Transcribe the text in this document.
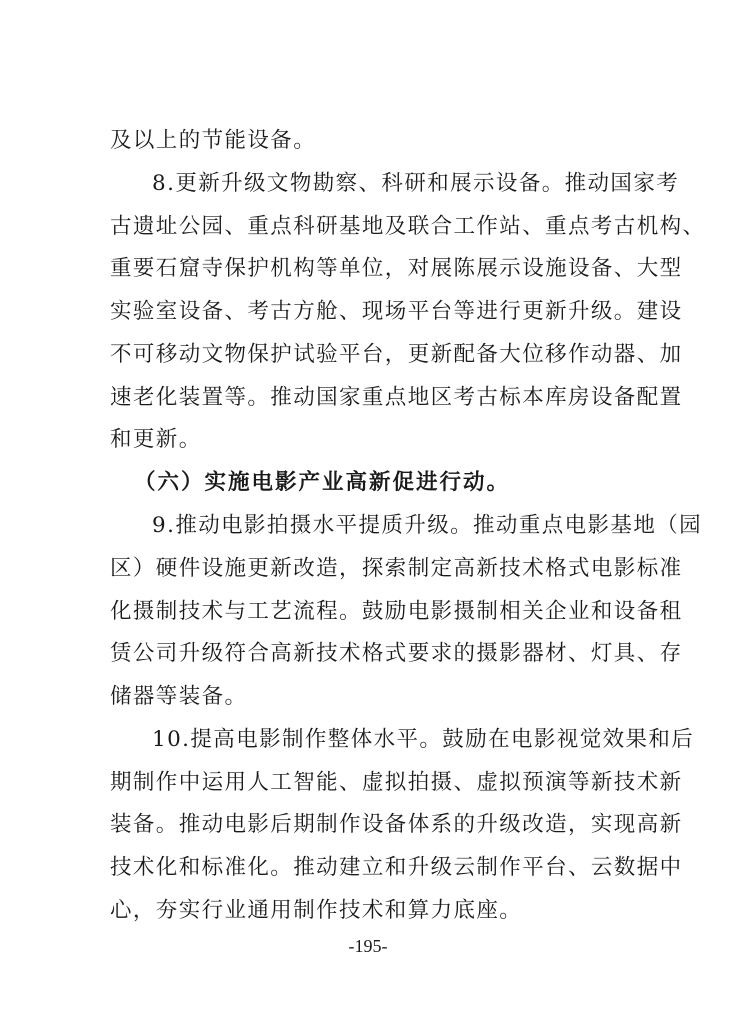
及以上的节能设备。
8.更新升级文物勘察、科研和展示设备。推动国家考
古遗址公园、重点科研基地及联合工作站、重点考古机构、
重要石窟寺保护机构等单位，对展陈展示设施设备、大型
实验室设备、考古方舱、现场平台等进行更新升级。建设
不可移动文物保护试验平台，更新配备大位移作动器、加
速老化装置等。推动国家重点地区考古标本库房设备配置
和更新。
（六）实施电影产业高新促进行动。
9.推动电影拍摄水平提质升级。推动重点电影基地（园
区）硬件设施更新改造，探索制定高新技术格式电影标准
化摄制技术与工艺流程。鼓励电影摄制相关企业和设备租
赁公司升级符合高新技术格式要求的摄影器材、灯具、存
储器等装备。
10.提高电影制作整体水平。鼓励在电影视觉效果和后
期制作中运用人工智能、虚拟拍摄、虚拟预演等新技术新
装备。推动电影后期制作设备体系的升级改造，实现高新
技术化和标准化。推动建立和升级云制作平台、云数据中
心，夯实行业通用制作技术和算力底座。
-195-
